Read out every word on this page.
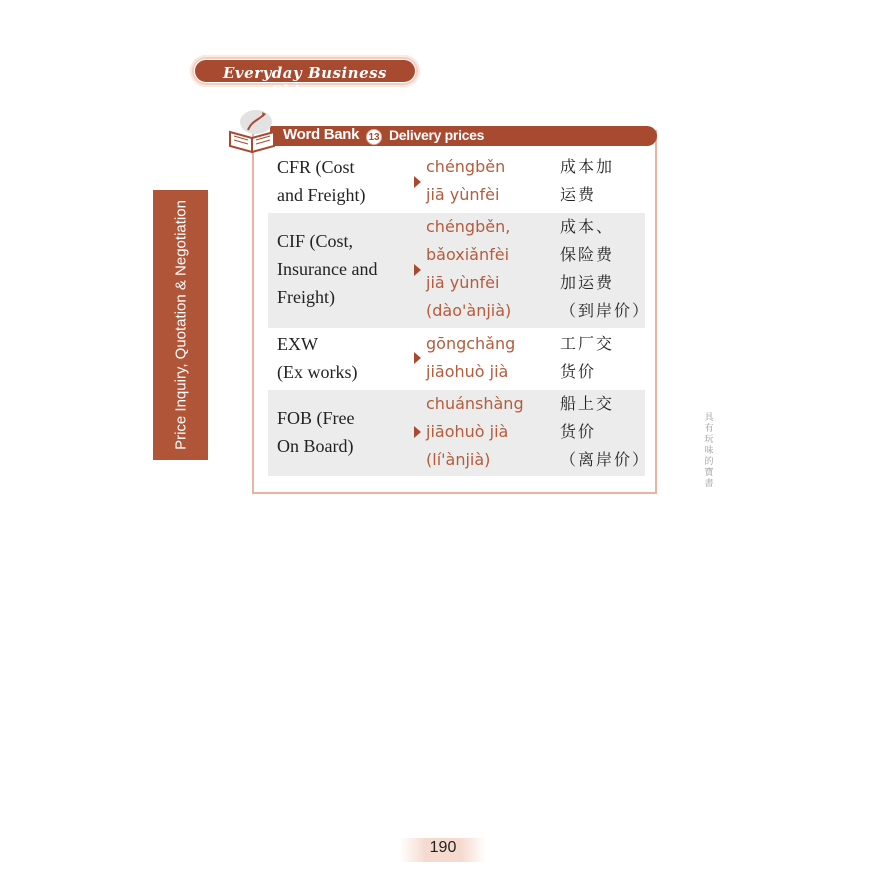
Everyday Business Chinese
Price Inquiry, Quotation & Negotiation
Word Bank 13 Delivery prices
CFR (Cost
and Freight)
chéngběn
jiā yùnfèi
成本加
运费
CIF (Cost,
Insurance and
Freight)
chéngběn,
bǎoxiǎnfèi
jiā yùnfèi
(dào'ànjià)
成本、
保险费
加运费
（到岸价）
EXW
(Ex works)
gōngchǎng
jiāohuò jià
工厂交
货价
FOB (Free
On Board)
chuánshàng
jiāohuò jià
(lí'ànjià)
船上交
货价
（离岸价）
具有玩味的寶書
190
